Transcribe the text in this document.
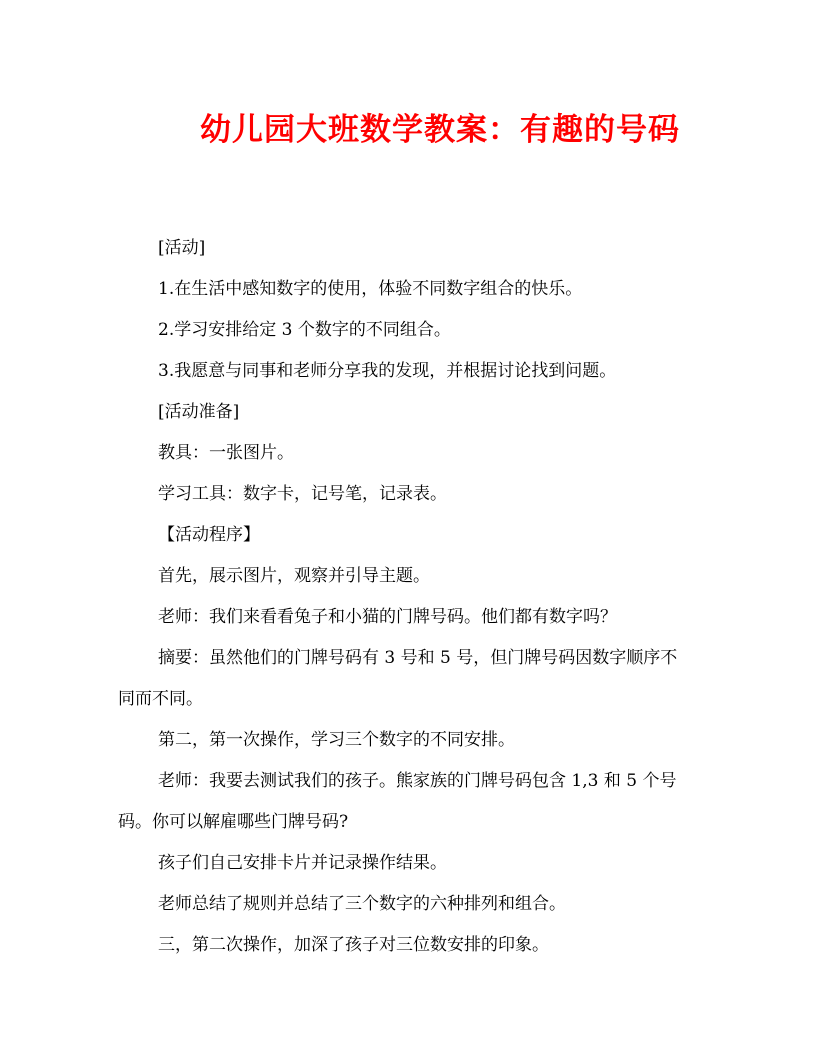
幼儿园大班数学教案：有趣的号码

[活动]

1.在生活中感知数字的使用，体验不同数字组合的快乐。

2.学习安排给定 3 个数字的不同组合。

3.我愿意与同事和老师分享我的发现，并根据讨论找到问题。

[活动准备]

教具：一张图片。

学习工具：数字卡，记号笔，记录表。

【活动程序】

首先，展示图片，观察并引导主题。

老师：我们来看看兔子和小猫的门牌号码。他们都有数字吗？

摘要：虽然他们的门牌号码有 3 号和 5 号，但门牌号码因数字顺序不同而不同。

第二，第一次操作，学习三个数字的不同安排。

老师：我要去测试我们的孩子。熊家族的门牌号码包含 1,3 和 5 个号码。你可以解雇哪些门牌号码?

孩子们自己安排卡片并记录操作结果。

老师总结了规则并总结了三个数字的六种排列和组合。

三，第二次操作，加深了孩子对三位数安排的印象。
